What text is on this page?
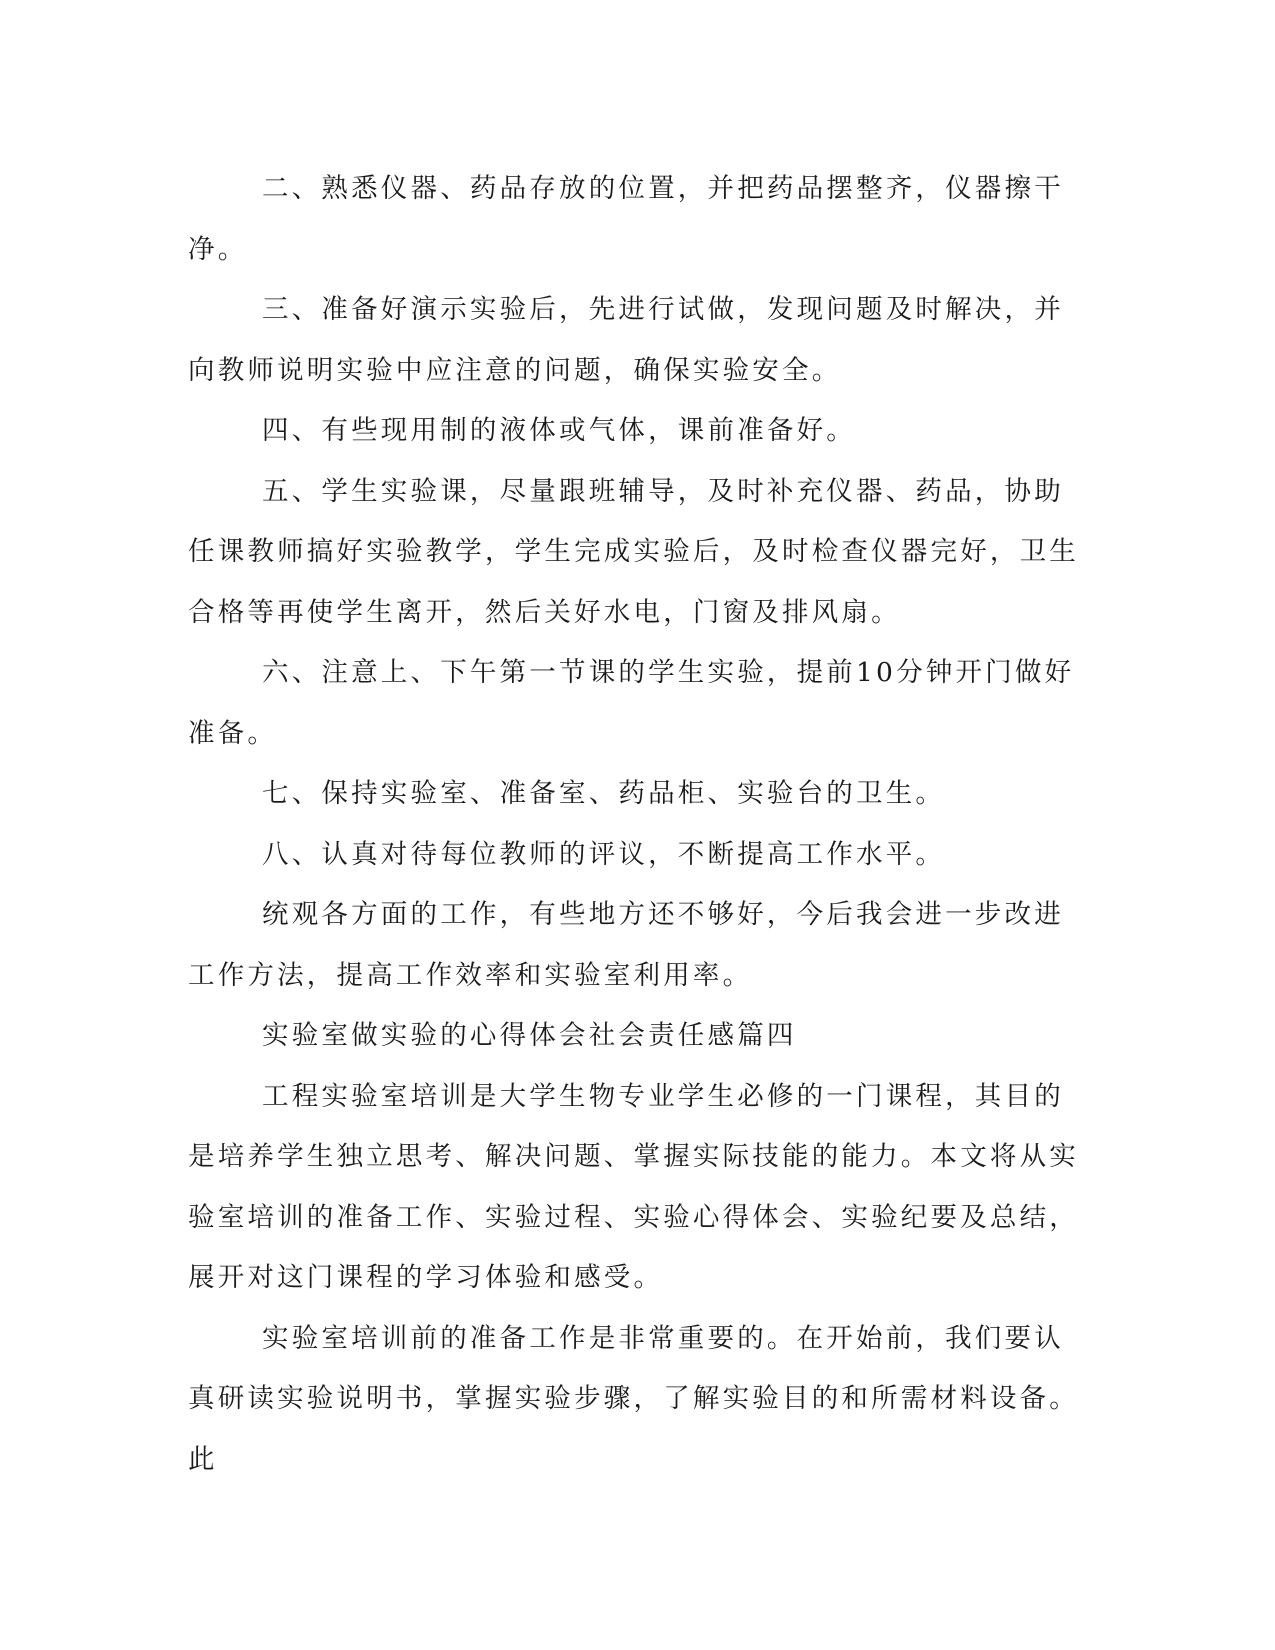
二、熟悉仪器、药品存放的位置，并把药品摆整齐，仪器擦干净。

三、准备好演示实验后，先进行试做，发现问题及时解决，并向教师说明实验中应注意的问题，确保实验安全。

四、有些现用制的液体或气体，课前准备好。

五、学生实验课，尽量跟班辅导，及时补充仪器、药品，协助任课教师搞好实验教学，学生完成实验后，及时检查仪器完好，卫生合格等再使学生离开，然后关好水电，门窗及排风扇。

六、注意上、下午第一节课的学生实验，提前10分钟开门做好准备。

七、保持实验室、准备室、药品柜、实验台的卫生。

八、认真对待每位教师的评议，不断提高工作水平。

统观各方面的工作，有些地方还不够好，今后我会进一步改进工作方法，提高工作效率和实验室利用率。

实验室做实验的心得体会社会责任感篇四

工程实验室培训是大学生物专业学生必修的一门课程，其目的是培养学生独立思考、解决问题、掌握实际技能的能力。本文将从实验室培训的准备工作、实验过程、实验心得体会、实验纪要及总结，展开对这门课程的学习体验和感受。

实验室培训前的准备工作是非常重要的。在开始前，我们要认真研读实验说明书，掌握实验步骤，了解实验目的和所需材料设备。此
